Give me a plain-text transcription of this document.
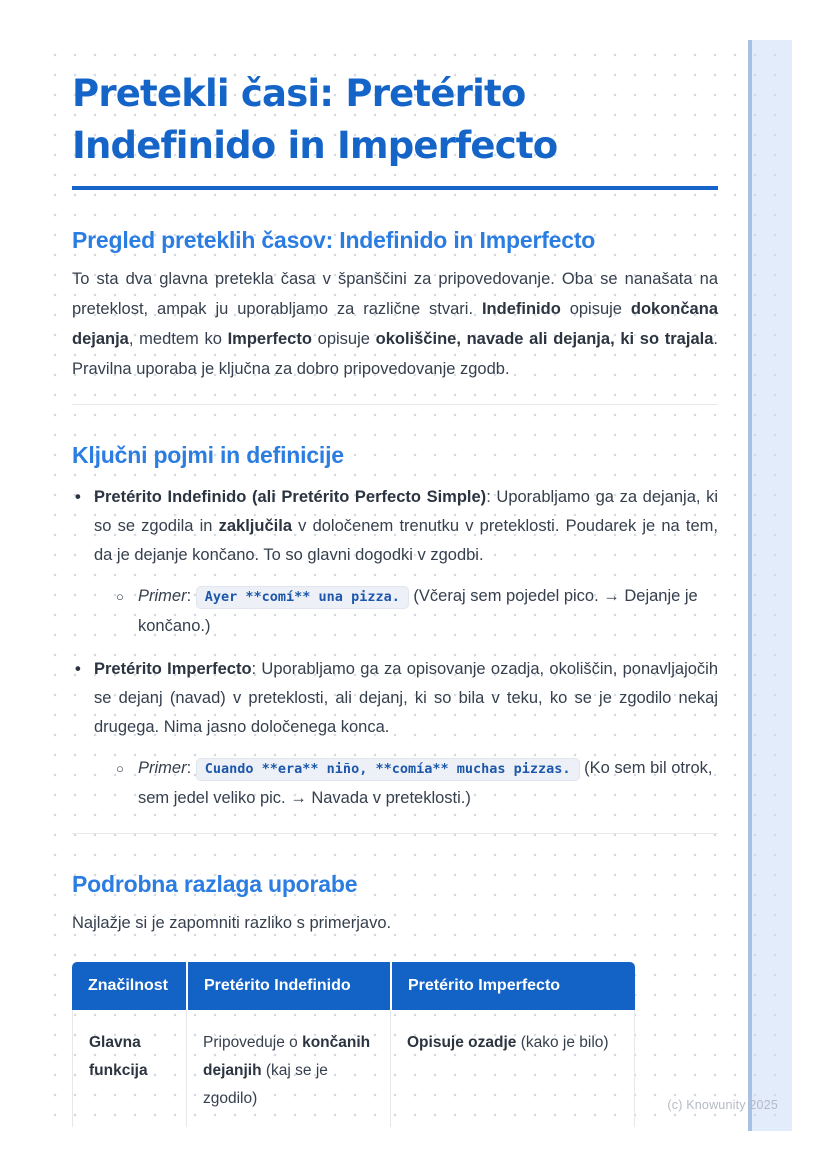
Pretekli časi: Pretérito Indefinido in Imperfecto
Pregled preteklih časov: Indefinido in Imperfecto

To sta dva glavna pretekla časa v španščini za pripovedovanje. Oba se nanašata na preteklost, ampak ju uporabljamo za različne stvari. Indefinido opisuje dokončana dejanja, medtem ko Imperfecto opisuje okoliščine, navade ali dejanja, ki so trajala. Pravilna uporaba je ključna za dobro pripovedovanje zgodb.

Ključni pojmi in definicije
• Pretérito Indefinido (ali Pretérito Perfecto Simple): Uporabljamo ga za dejanja, ki so se zgodila in zaključila v določenem trenutku v preteklosti. Poudarek je na tem, da je dejanje končano. To so glavni dogodki v zgodbi.
○ Primer: Ayer **comí** una pizza. (Včeraj sem pojedel pico. → Dejanje je končano.)
• Pretérito Imperfecto: Uporabljamo ga za opisovanje ozadja, okoliščin, ponavljajočih se dejanj (navad) v preteklosti, ali dejanj, ki so bila v teku, ko se je zgodilo nekaj drugega. Nima jasno določenega konca.
○ Primer: Cuando **era** niño, **comía** muchas pizzas. (Ko sem bil otrok, sem jedel veliko pic. → Navada v preteklosti.)
Podrobna razlaga uporabe

Najlažje si je zapomniti razliko s primerjavo.

Značilnost	Pretérito Indefinido	Pretérito Imperfecto
Glavna funkcija	Pripoveduje o končanih dejanjih (kaj se je zgodilo)	Opisuje ozadje (kako je bilo)
(c) Knowunity 2025
